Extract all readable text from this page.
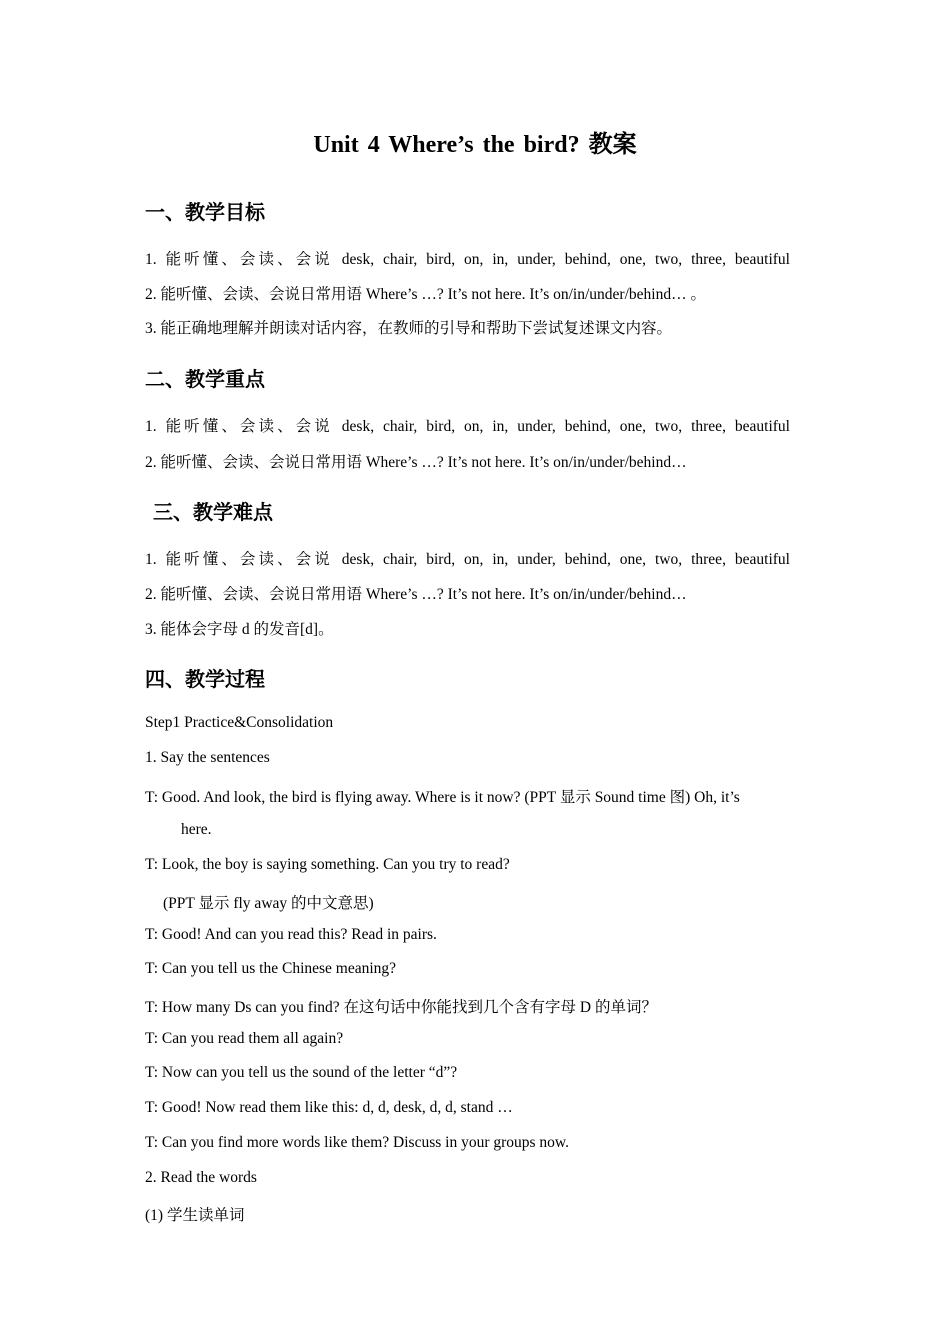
Unit 4 Where’s the bird? 教案
一、教学目标
1. 能听懂、会读、会说 desk, chair, bird, on, in, under, behind, one, two, three, beautiful
2. 能听懂、会读、会说日常用语 Where’s …? It’s not here. It’s on/in/under/behind… 。
3. 能正确地理解并朗读对话内容，在教师的引导和帮助下尝试复述课文内容。
二、教学重点
1. 能听懂、会读、会说 desk, chair, bird, on, in, under, behind, one, two, three, beautiful
2. 能听懂、会读、会说日常用语 Where’s …? It’s not here. It’s on/in/under/behind…
三、教学难点
1. 能听懂、会读、会说 desk, chair, bird, on, in, under, behind, one, two, three, beautiful
2. 能听懂、会读、会说日常用语 Where’s …? It’s not here. It’s on/in/under/behind…
3. 能体会字母 d 的发音[d]。
四、教学过程
Step1 Practice&Consolidation
1. Say the sentences
T: Good. And look, the bird is flying away. Where is it now? (PPT 显示 Sound time 图) Oh, it’s
here.
T: Look, the boy is saying something. Can you try to read?
(PPT 显示 fly away 的中文意思)
T: Good! And can you read this? Read in pairs.
T: Can you tell us the Chinese meaning?
T: How many Ds can you find? 在这句话中你能找到几个含有字母 D 的单词？
T: Can you read them all again?
T: Now can you tell us the sound of the letter “d”?
T: Good! Now read them like this: d, d, desk, d, d, stand …
T: Can you find more words like them? Discuss in your groups now.
2. Read the words
(1) 学生读单词
